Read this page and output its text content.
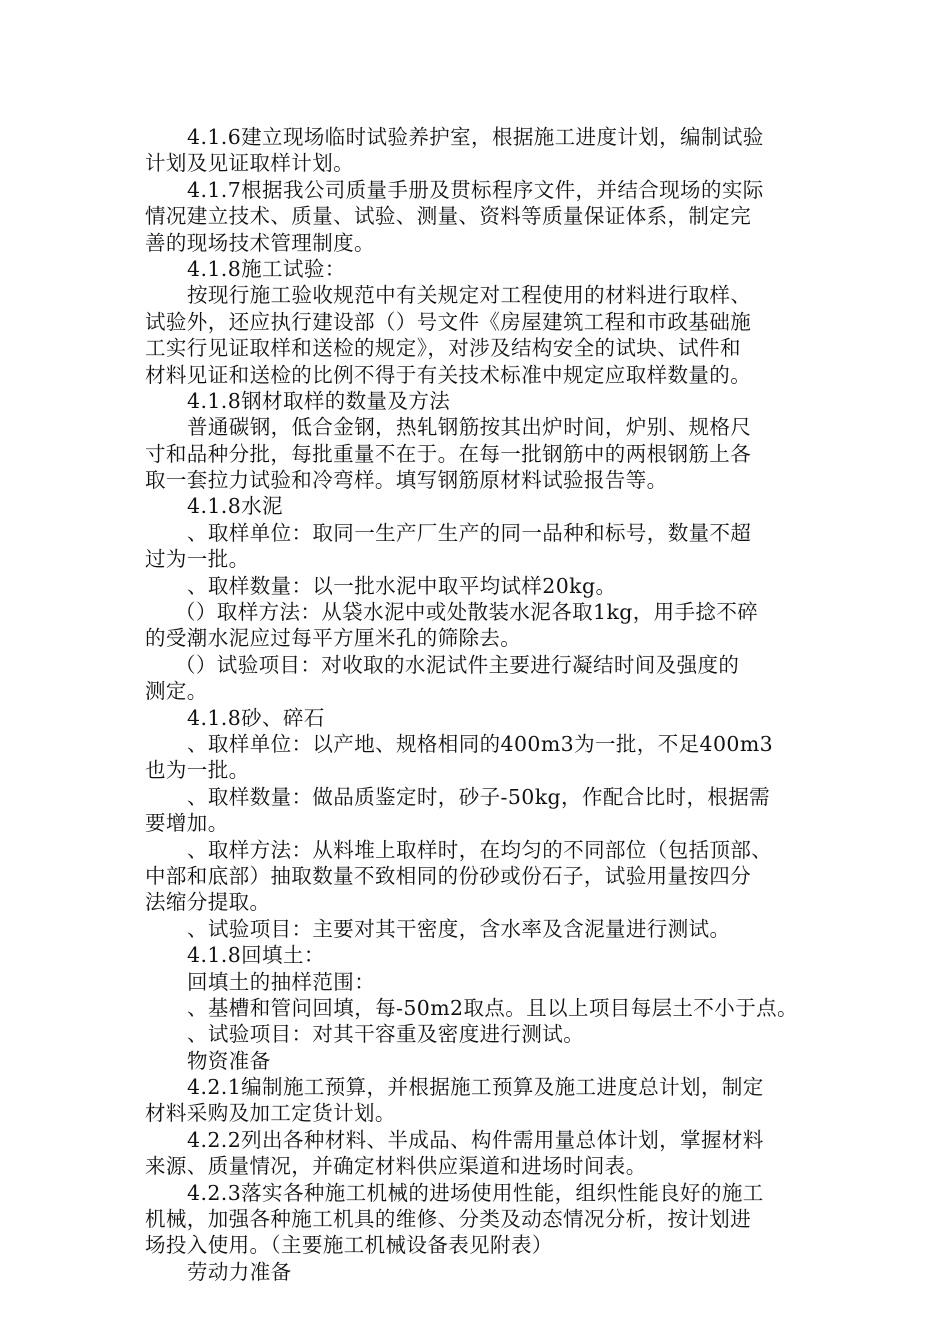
4.1.6建立现场临时试验养护室，根据施工进度计划，编制试验
计划及见证取样计划。
4.1.7根据我公司质量手册及贯标程序文件，并结合现场的实际
情况建立技术、质量、试验、测量、资料等质量保证体系，制定完
善的现场技术管理制度。
4.1.8施工试验：
按现行施工验收规范中有关规定对工程使用的材料进行取样、
试验外，还应执行建设部（）号文件《房屋建筑工程和市政基础施
工实行见证取样和送检的规定》，对涉及结构安全的试块、试件和
材料见证和送检的比例不得于有关技术标准中规定应取样数量的。
4.1.8钢材取样的数量及方法
普通碳钢，低合金钢，热轧钢筋按其出炉时间，炉别、规格尺
寸和品种分批，每批重量不在于。在每一批钢筋中的两根钢筋上各
取一套拉力试验和冷弯样。填写钢筋原材料试验报告等。
4.1.8水泥
、取样单位：取同一生产厂生产的同一品种和标号，数量不超
过为一批。
、取样数量：以一批水泥中取平均试样20kg。
（）取样方法：从袋水泥中或处散装水泥各取1kg，用手捻不碎
的受潮水泥应过每平方厘米孔的筛除去。
（）试验项目：对收取的水泥试件主要进行凝结时间及强度的
测定。
4.1.8砂、碎石
、取样单位：以产地、规格相同的400m3为一批，不足400m3
也为一批。
、取样数量：做品质鉴定时，砂子-50kg，作配合比时，根据需
要增加。
、取样方法：从料堆上取样时，在均匀的不同部位（包括顶部、
中部和底部）抽取数量不致相同的份砂或份石子，试验用量按四分
法缩分提取。
、试验项目：主要对其干密度，含水率及含泥量进行测试。
4.1.8回填土：
回填土的抽样范围：
、基槽和管问回填，每-50m2取点。且以上项目每层土不小于点。
、试验项目：对其干容重及密度进行测试。
物资准备
4.2.1编制施工预算，并根据施工预算及施工进度总计划，制定
材料采购及加工定货计划。
4.2.2列出各种材料、半成品、构件需用量总体计划，掌握材料
来源、质量情况，并确定材料供应渠道和进场时间表。
4.2.3落实各种施工机械的进场使用性能，组织性能良好的施工
机械，加强各种施工机具的维修、分类及动态情况分析，按计划进
场投入使用。（主要施工机械设备表见附表）
劳动力准备
